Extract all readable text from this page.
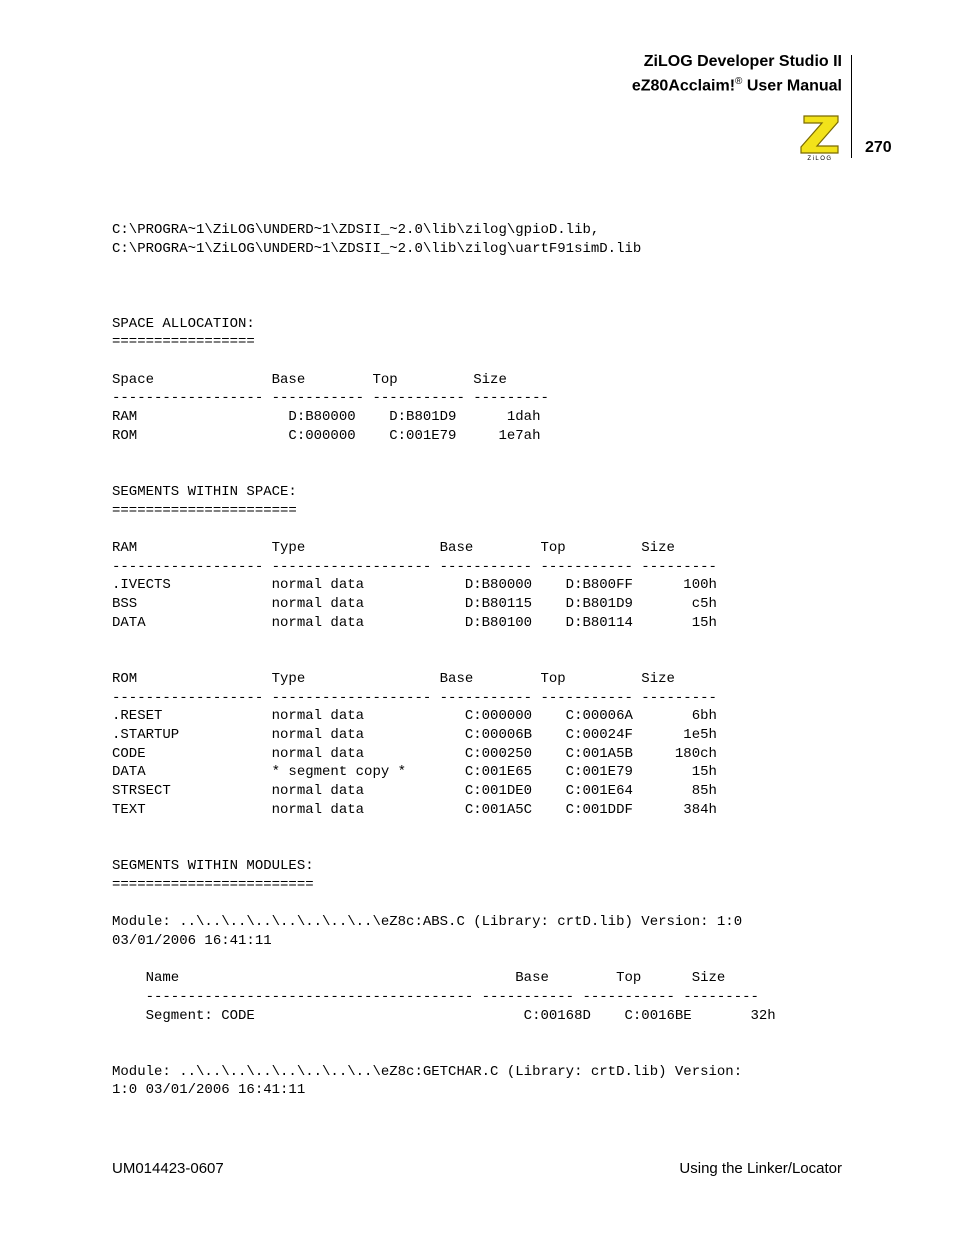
ZiLOG Developer Studio II
eZ80Acclaim!® User Manual
ZiLOG
270
C:\PROGRA~1\ZiLOG\UNDERD~1\ZDSII_~2.0\lib\zilog\gpioD.lib,
C:\PROGRA~1\ZiLOG\UNDERD~1\ZDSII_~2.0\lib\zilog\uartF91simD.lib

SPACE ALLOCATION:
=================

Space              Base        Top         Size
------------------ ----------- ----------- ---------
RAM                  D:B80000    D:B801D9      1dah
ROM                  C:000000    C:001E79     1e7ah

SEGMENTS WITHIN SPACE:
======================

RAM                Type                Base        Top         Size
------------------ ------------------- ----------- ----------- ---------
.IVECTS            normal data            D:B80000    D:B800FF      100h
BSS                normal data            D:B80115    D:B801D9       c5h
DATA               normal data            D:B80100    D:B80114       15h

ROM                Type                Base        Top         Size
------------------ ------------------- ----------- ----------- ---------
.RESET             normal data            C:000000    C:00006A       6bh
.STARTUP           normal data            C:00006B    C:00024F      1e5h
CODE               normal data            C:000250    C:001A5B     180ch
DATA               * segment copy *       C:001E65    C:001E79       15h
STRSECT            normal data            C:001DE0    C:001E64       85h
TEXT               normal data            C:001A5C    C:001DDF      384h

SEGMENTS WITHIN MODULES:
========================

Module: ..\..\..\..\..\..\..\..\eZ8c:ABS.C (Library: crtD.lib) Version: 1:0
03/01/2006 16:41:11

Name                                        Base        Top      Size
--------------------------------------- ----------- ----------- ---------
Segment: CODE                                C:00168D    C:0016BE       32h

Module: ..\..\..\..\..\..\..\..\eZ8c:GETCHAR.C (Library: crtD.lib) Version:
1:0 03/01/2006 16:41:11

UM014423-0607	Using the Linker/Locator
